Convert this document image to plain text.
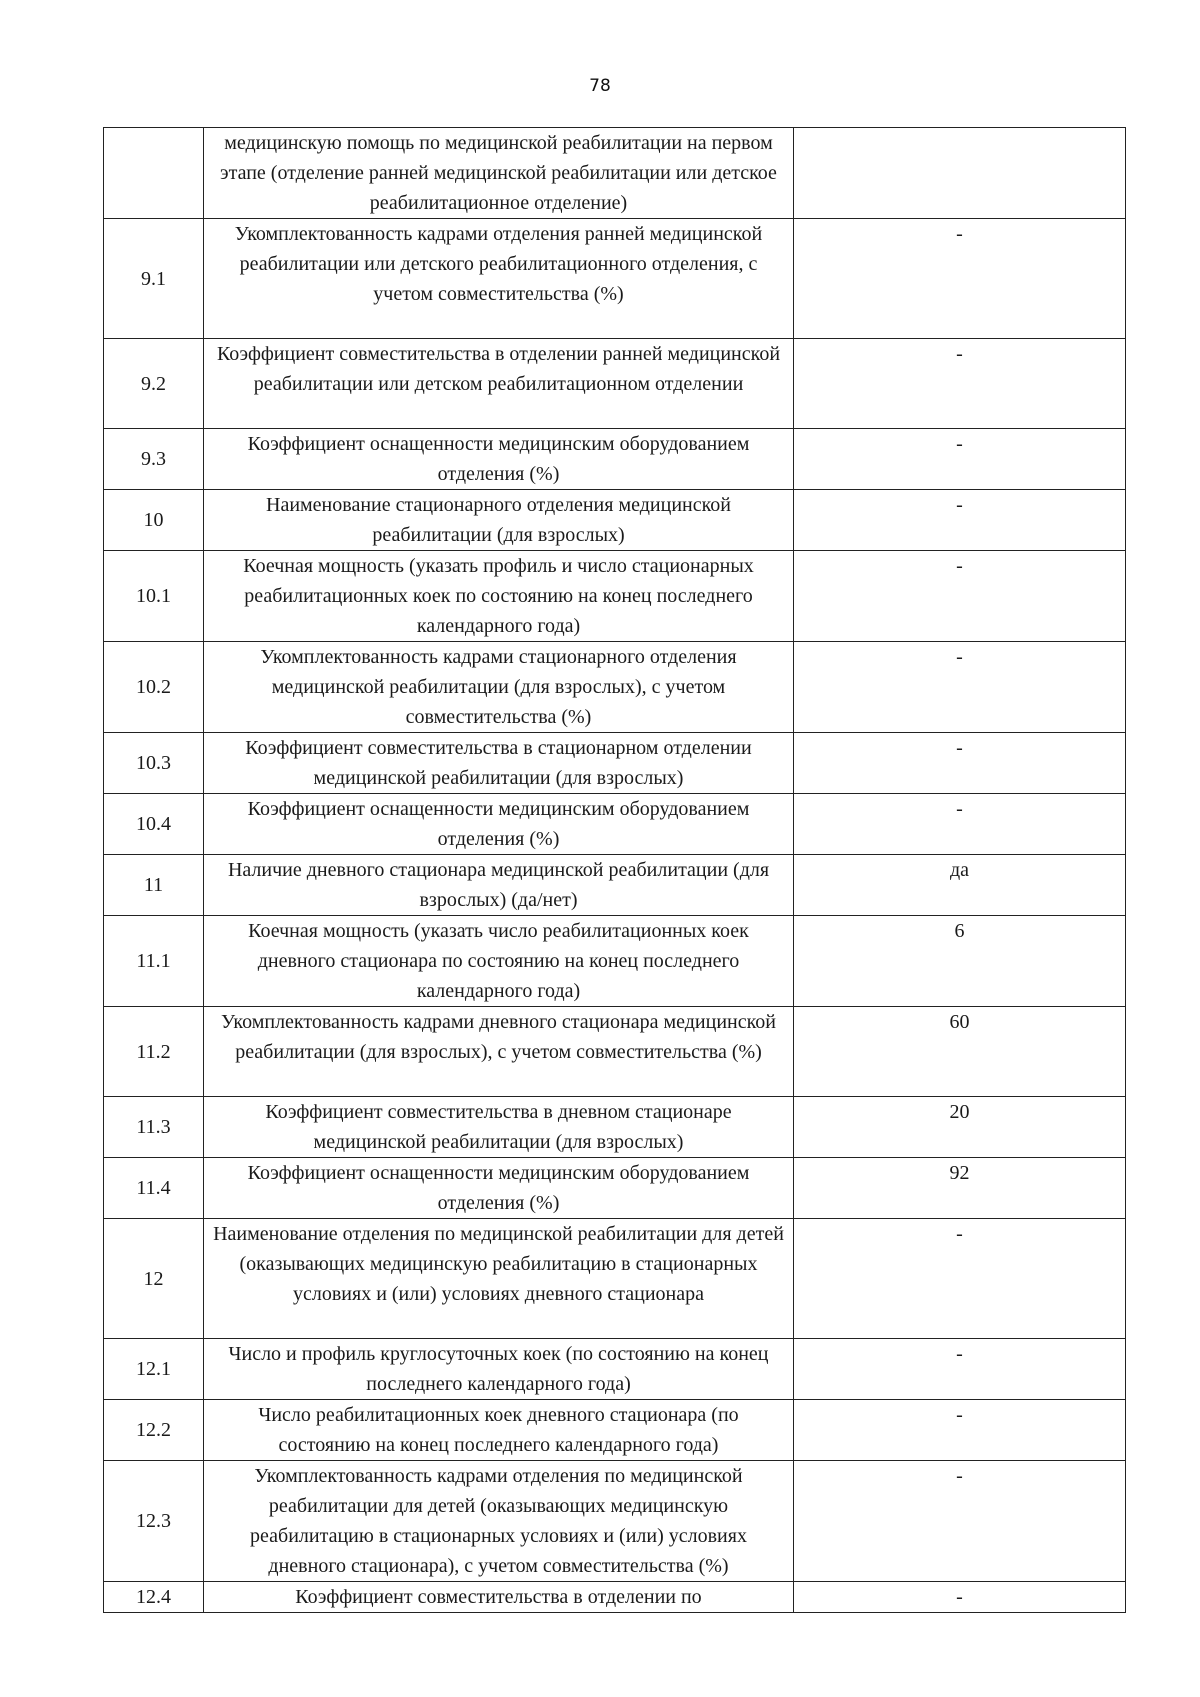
78
	медицинскую помощь по медицинской реабилитации на первом этапе (отделение ранней медицинской реабилитации или детское реабилитационное отделение)	
9.1	Укомплектованность кадрами отделения ранней медицинской реабилитации или детского реабилитационного отделения, с учетом совместительства (%)	-
9.2	Коэффициент совместительства в отделении ранней медицинской реабилитации или детском реабилитационном отделении	-
9.3	Коэффициент оснащенности медицинским оборудованием отделения (%)	-
10	Наименование стационарного отделения медицинской реабилитации (для взрослых)	-
10.1	Коечная мощность (указать профиль и число стационарных реабилитационных коек по состоянию на конец последнего календарного года)	-
10.2	Укомплектованность кадрами стационарного отделения медицинской реабилитации (для взрослых), с учетом совместительства (%)	-
10.3	Коэффициент совместительства в стационарном отделении медицинской реабилитации (для взрослых)	-
10.4	Коэффициент оснащенности медицинским оборудованием отделения (%)	-
11	Наличие дневного стационара медицинской реабилитации (для взрослых) (да/нет)	да
11.1	Коечная мощность (указать число реабилитационных коек дневного стационара по состоянию на конец последнего календарного года)	6
11.2	Укомплектованность кадрами дневного стационара медицинской реабилитации (для взрослых), с учетом совместительства (%)	60
11.3	Коэффициент совместительства в дневном стационаре медицинской реабилитации (для взрослых)	20
11.4	Коэффициент оснащенности медицинским оборудованием отделения (%)	92
12	Наименование отделения по медицинской реабилитации для детей (оказывающих медицинскую реабилитацию в стационарных условиях и (или) условиях дневного стационара	-
12.1	Число и профиль круглосуточных коек (по состоянию на конец последнего календарного года)	-
12.2	Число реабилитационных коек дневного стационара (по состоянию на конец последнего календарного года)	-
12.3	Укомплектованность кадрами отделения по медицинской реабилитации для детей (оказывающих медицинскую реабилитацию в стационарных условиях и (или) условиях дневного стационара), с учетом совместительства (%)	-
12.4	Коэффициент совместительства в отделении по	-
